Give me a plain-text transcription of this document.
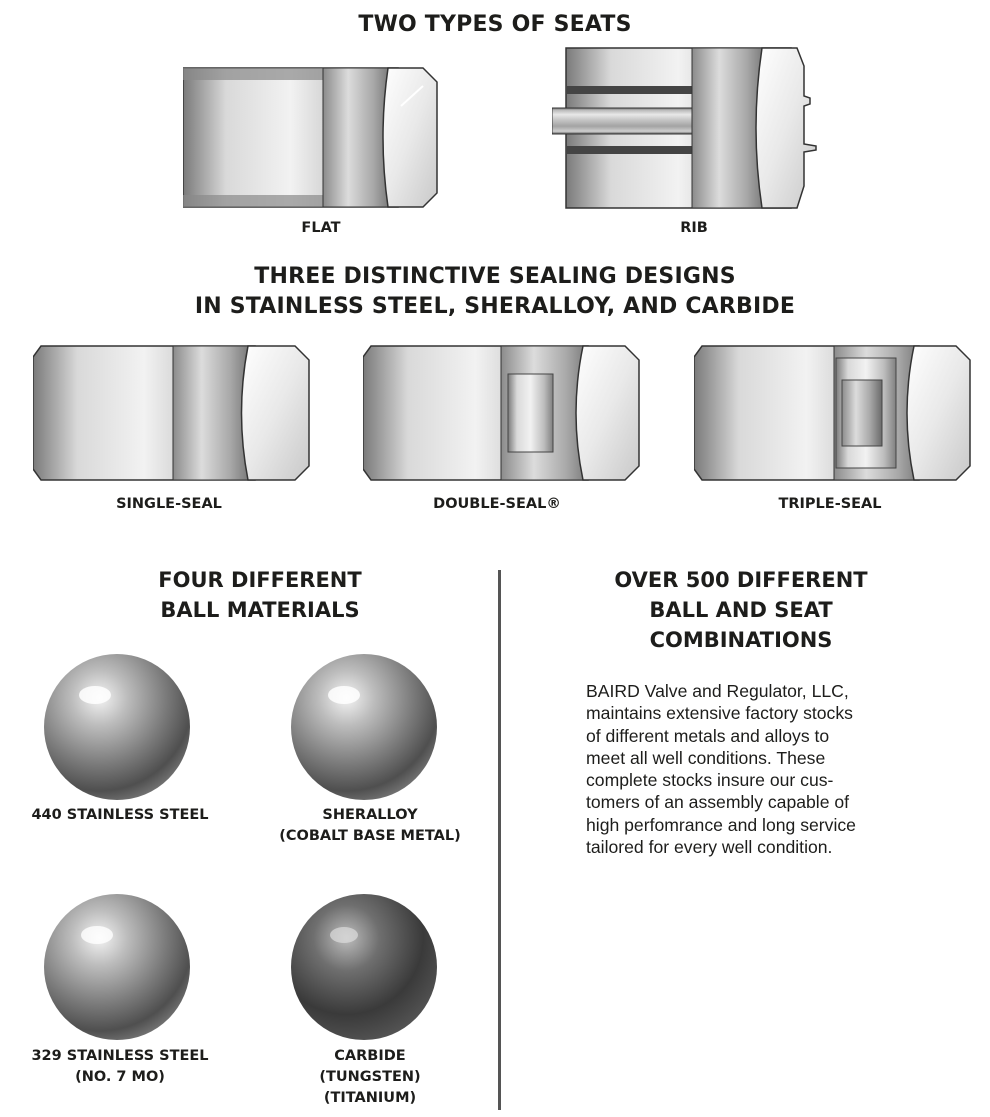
TWO TYPES OF SEATS
FLAT	RIB
THREE DISTINCTIVE SEALING DESIGNS
IN STAINLESS STEEL, SHERALLOY, AND CARBIDE
SINGLE-SEAL	DOUBLE-SEAL®	TRIPLE-SEAL
FOUR DIFFERENT
BALL MATERIALS
440 STAINLESS STEEL	SHERALLOY
(COBALT BASE METAL)
329 STAINLESS STEEL
(NO. 7 MO)
CARBIDE
(TUNGSTEN)
(TITANIUM)
OVER 500 DIFFERENT
BALL AND SEAT
COMBINATIONS
BAIRD Valve and Regulator, LLC,
maintains extensive factory stocks
of different metals and alloys to
meet all well conditions. These
complete stocks insure our cus-
tomers of an assembly capable of
high perfomrance and long service
tailored for every well condition.
